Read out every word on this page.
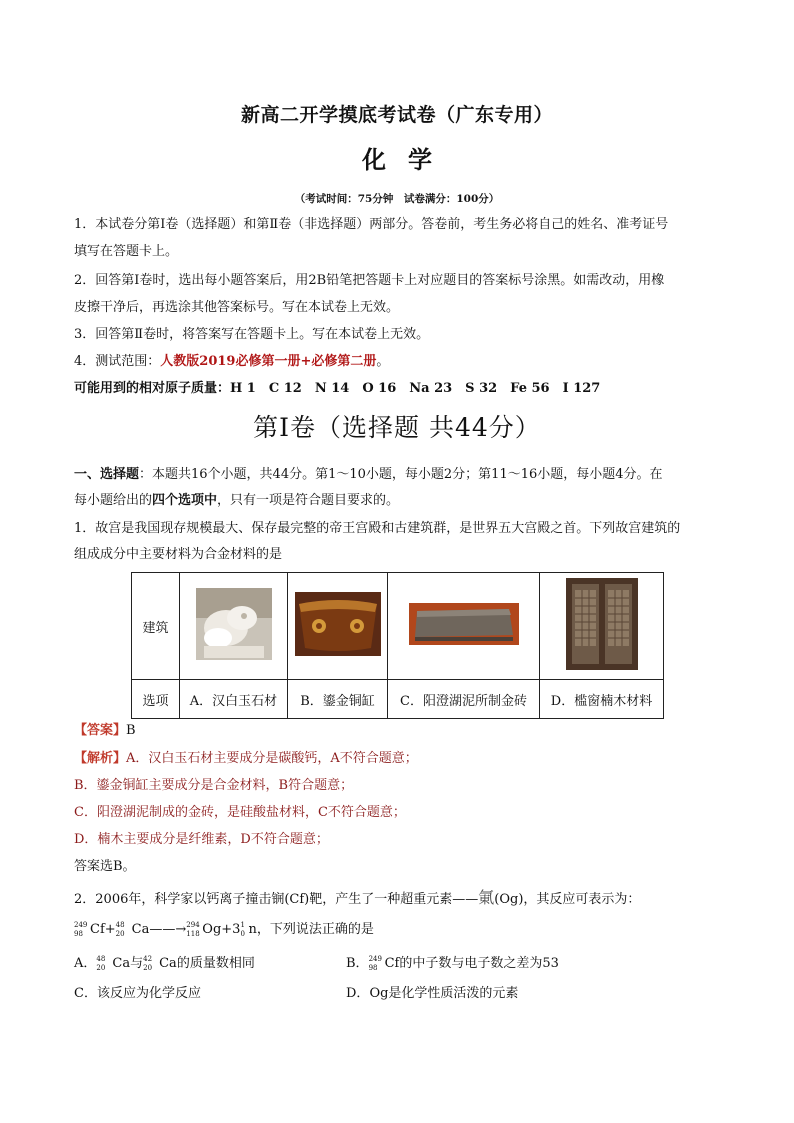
新高二开学摸底考试卷（广东专用）
化学
（考试时间：75分钟　试卷满分：100分）
1．本试卷分第Ⅰ卷（选择题）和第Ⅱ卷（非选择题）两部分。答卷前，考生务必将自己的姓名、准考证号
填写在答题卡上。
2．回答第Ⅰ卷时，选出每小题答案后，用2B铅笔把答题卡上对应题目的答案标号涂黑。如需改动，用橡
皮擦干净后，再选涂其他答案标号。写在本试卷上无效。
3．回答第Ⅱ卷时，将答案写在答题卡上。写在本试卷上无效。
4．测试范围：人教版2019必修第一册+必修第二册。
可能用到的相对原子质量：H 1　C 12　N 14　O 16　Na 23　S 32　Fe 56　I 127
第Ⅰ卷（选择题 共44分）
一、选择题：本题共16个小题，共44分。第1～10小题，每小题2分；第11～16小题，每小题4分。在
每小题给出的四个选项中，只有一项是符合题目要求的。
1．故宫是我国现存规模最大、保存最完整的帝王宫殿和古建筑群，是世界五大宫殿之首。下列故宫建筑的
组成成分中主要材料为合金材料的是
建筑				
选项	A．汉白玉石材	B．鎏金铜缸	C．阳澄湖泥所制金砖	D．槛窗楠木材料
【答案】B
【解析】A．汉白玉石材主要成分是碳酸钙，A不符合题意；
B．鎏金铜缸主要成分是合金材料，B符合题意；
C．阳澄湖泥制成的金砖，是硅酸盐材料，C不符合题意；
D．楠木主要成分是纤维素，D不符合题意；
答案选B。
2．2006年，科学家以钙离子撞击锎(Cf)靶，产生了一种超重元素——氭(Og)，其反应可表示为：
249
98 Cf+ 48
20 Ca——→ 294
118 Og+3 1
0 n，下列说法正确的是
A． 48
20 Ca与 42
20 Ca的质量数相同	B． 249
98 Cf的中子数与电子数之差为53
C．该反应为化学反应	D．Og是化学性质活泼的元素
